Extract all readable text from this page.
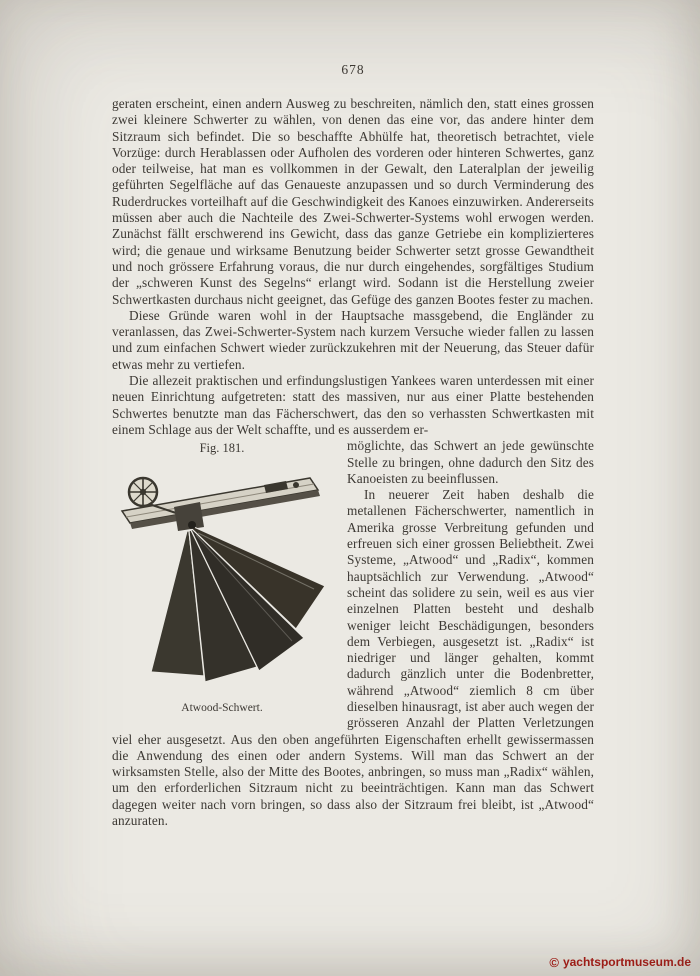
678

geraten erscheint, einen andern Ausweg zu beschreiten, nämlich den, statt eines grossen zwei kleinere Schwerter zu wählen, von denen das eine vor, das andere hinter dem Sitzraum sich befindet. Die so beschaffte Abhülfe hat, theoretisch betrachtet, viele Vorzüge: durch Herablassen oder Aufholen des vorderen oder hinteren Schwertes, ganz oder teilweise, hat man es vollkommen in der Gewalt, den Lateralplan der jeweilig geführten Segelfläche auf das Genaueste anzupassen und so durch Verminderung des Ruderdruckes vorteilhaft auf die Geschwindigkeit des Kanoes einzuwirken. Andererseits müssen aber auch die Nachteile des Zwei-Schwerter-Systems wohl erwogen werden. Zunächst fällt erschwerend ins Gewicht, dass das ganze Getriebe ein komplizierteres wird; die genaue und wirksame Benutzung beider Schwerter setzt grosse Gewandtheit und noch grössere Erfahrung voraus, die nur durch eingehendes, sorgfältiges Studium der „schweren Kunst des Segelns“ erlangt wird. Sodann ist die Herstellung zweier Schwertkasten durchaus nicht geeignet, das Gefüge des ganzen Bootes fester zu machen.

Diese Gründe waren wohl in der Hauptsache massgebend, die Engländer zu veranlassen, das Zwei-Schwerter-System nach kurzem Versuche wieder fallen zu lassen und zum einfachen Schwert wieder zurückzukehren mit der Neuerung, das Steuer dafür etwas mehr zu vertiefen.

Die allezeit praktischen und erfindungslustigen Yankees waren unterdessen mit einer neuen Einrichtung aufgetreten: statt des massiven, nur aus einer Platte bestehenden Schwertes benutzte man das Fächerschwert, das den so verhassten Schwertkasten mit einem Schlage aus der Welt schaffte, und es ausserdem er-

Fig. 181.
Atwood-Schwert.

möglichte, das Schwert an jede gewünschte Stelle zu bringen, ohne dadurch den Sitz des Kanoeisten zu beeinflussen.

In neuerer Zeit haben deshalb die metallenen Fächerschwerter, namentlich in Amerika grosse Verbreitung gefunden und erfreuen sich einer grossen Beliebtheit. Zwei Systeme, „Atwood“ und „Radix“, kommen hauptsächlich zur Verwendung. „Atwood“ scheint das solidere zu sein, weil es aus vier einzelnen Platten besteht und deshalb weniger leicht Beschädigungen, besonders dem Verbiegen, ausgesetzt ist. „Radix“ ist niedriger und länger gehalten, kommt dadurch gänzlich unter die Bodenbretter, während „Atwood“ ziemlich 8 cm über dieselben hinausragt, ist aber auch wegen der grösseren Anzahl der Platten Verletzungen viel eher ausgesetzt. Aus den oben angeführten Eigenschaften erhellt gewissermassen die Anwendung des einen oder andern Systems. Will man das Schwert an der wirksamsten Stelle, also der Mitte des Bootes, anbringen, so muss man „Radix“ wählen, um den erforderlichen Sitzraum nicht zu beeinträchtigen. Kann man das Schwert dagegen weiter nach vorn bringen, so dass also der Sitzraum frei bleibt, ist „Atwood“ anzuraten.

© yachtsportmuseum.de
